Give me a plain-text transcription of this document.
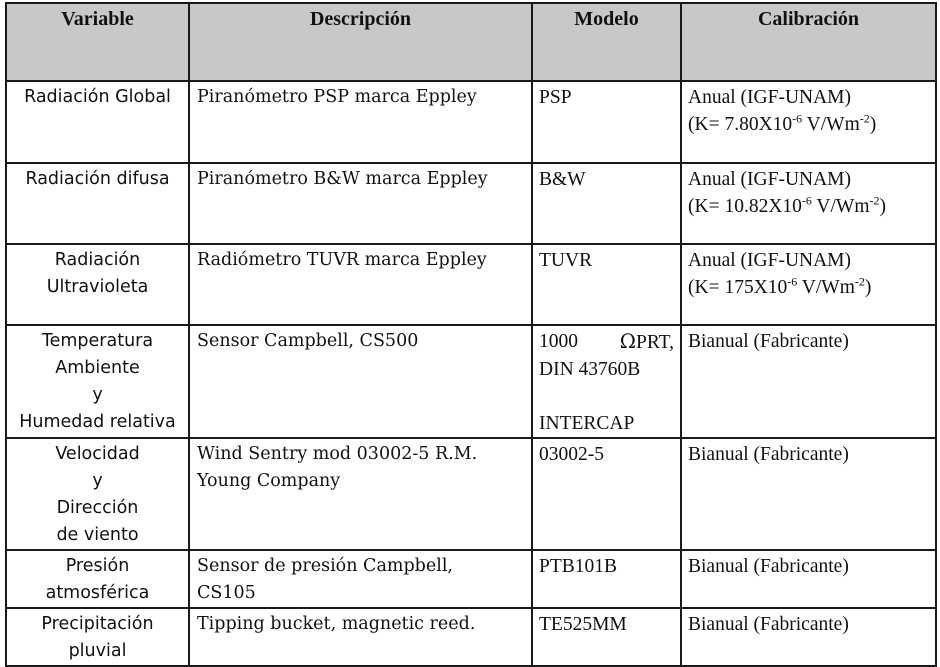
Variable	Descripción	Modelo	Calibración

Radiación Global	Piranómetro PSP marca Eppley	PSP	Anual (IGF-UNAM)
($K= 7.80X10^{-6}$ $V/Wm^{-2}$)

Radiación difusa	Piranómetro B&W marca Eppley	B&W	Anual (IGF-UNAM)
($K= 10.82X10^{-6}$ $V/Wm^{-2}$)

Radiación
Ultravioleta	Radiómetro TUVR marca Eppley	TUVR	Anual (IGF-UNAM)
($K= 175X10^{-6}$ $V/Wm^{-2}$)

Temperatura
Ambiente
y
Humedad relativa	Sensor Campbell, CS500	1000 ΩPRT,
DIN 43760B

INTERCAP	Bianual (Fabricante)

Velocidad
y
Dirección
de viento	Wind Sentry mod 03002-5 R.M.
Young Company	03002-5	Bianual (Fabricante)

Presión
atmosférica	Sensor de presión Campbell,
CS105	PTB101B	Bianual (Fabricante)

Precipitación
pluvial	Tipping bucket, magnetic reed.	TE525MM	Bianual (Fabricante)
